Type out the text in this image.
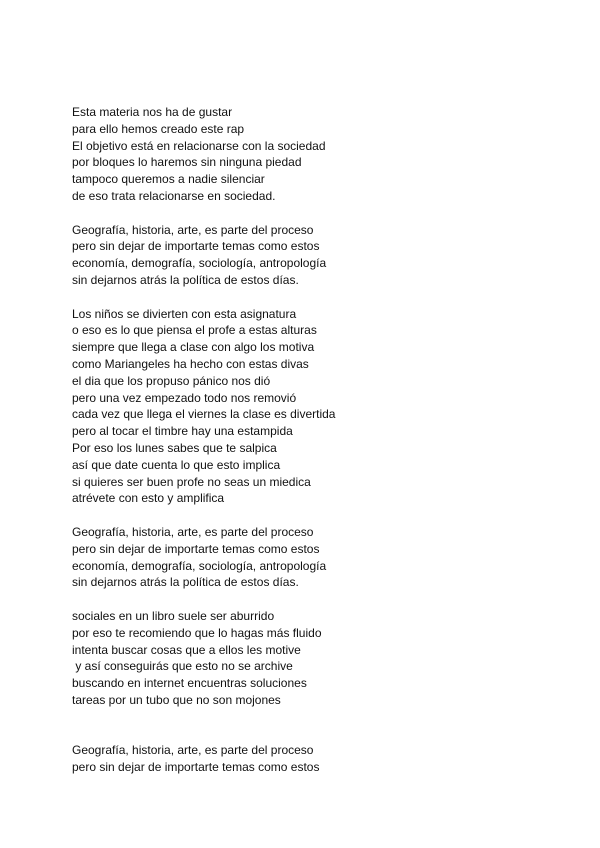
Esta materia nos ha de gustar
para ello hemos creado este rap
El objetivo está en relacionarse con la sociedad
por bloques lo haremos sin ninguna piedad
tampoco queremos a nadie silenciar
de eso trata relacionarse en sociedad.
Geografía, historia, arte, es parte del proceso
pero sin dejar de importarte temas como estos
economía, demografía, sociología, antropología
sin dejarnos atrás la política de estos días.
Los niños se divierten con esta asignatura
o eso es lo que piensa el profe a estas alturas
siempre que llega a clase con algo los motiva
como Mariangeles ha hecho con estas divas
el dia que los propuso pánico nos dió
pero una vez empezado todo nos removió
cada vez que llega el viernes la clase es divertida
pero al tocar el timbre hay una estampida
Por eso los lunes sabes que te salpica
así que date cuenta lo que esto implica
si quieres ser buen profe no seas un miedica
atrévete con esto y amplifica
Geografía, historia, arte, es parte del proceso
pero sin dejar de importarte temas como estos
economía, demografía, sociología, antropología
sin dejarnos atrás la política de estos días.
sociales en un libro suele ser aburrido
por eso te recomiendo que lo hagas más fluido
intenta buscar cosas que a ellos les motive
y así conseguirás que esto no se archive
buscando en internet encuentras soluciones
tareas por un tubo que no son mojones
Geografía, historia, arte, es parte del proceso
pero sin dejar de importarte temas como estos
